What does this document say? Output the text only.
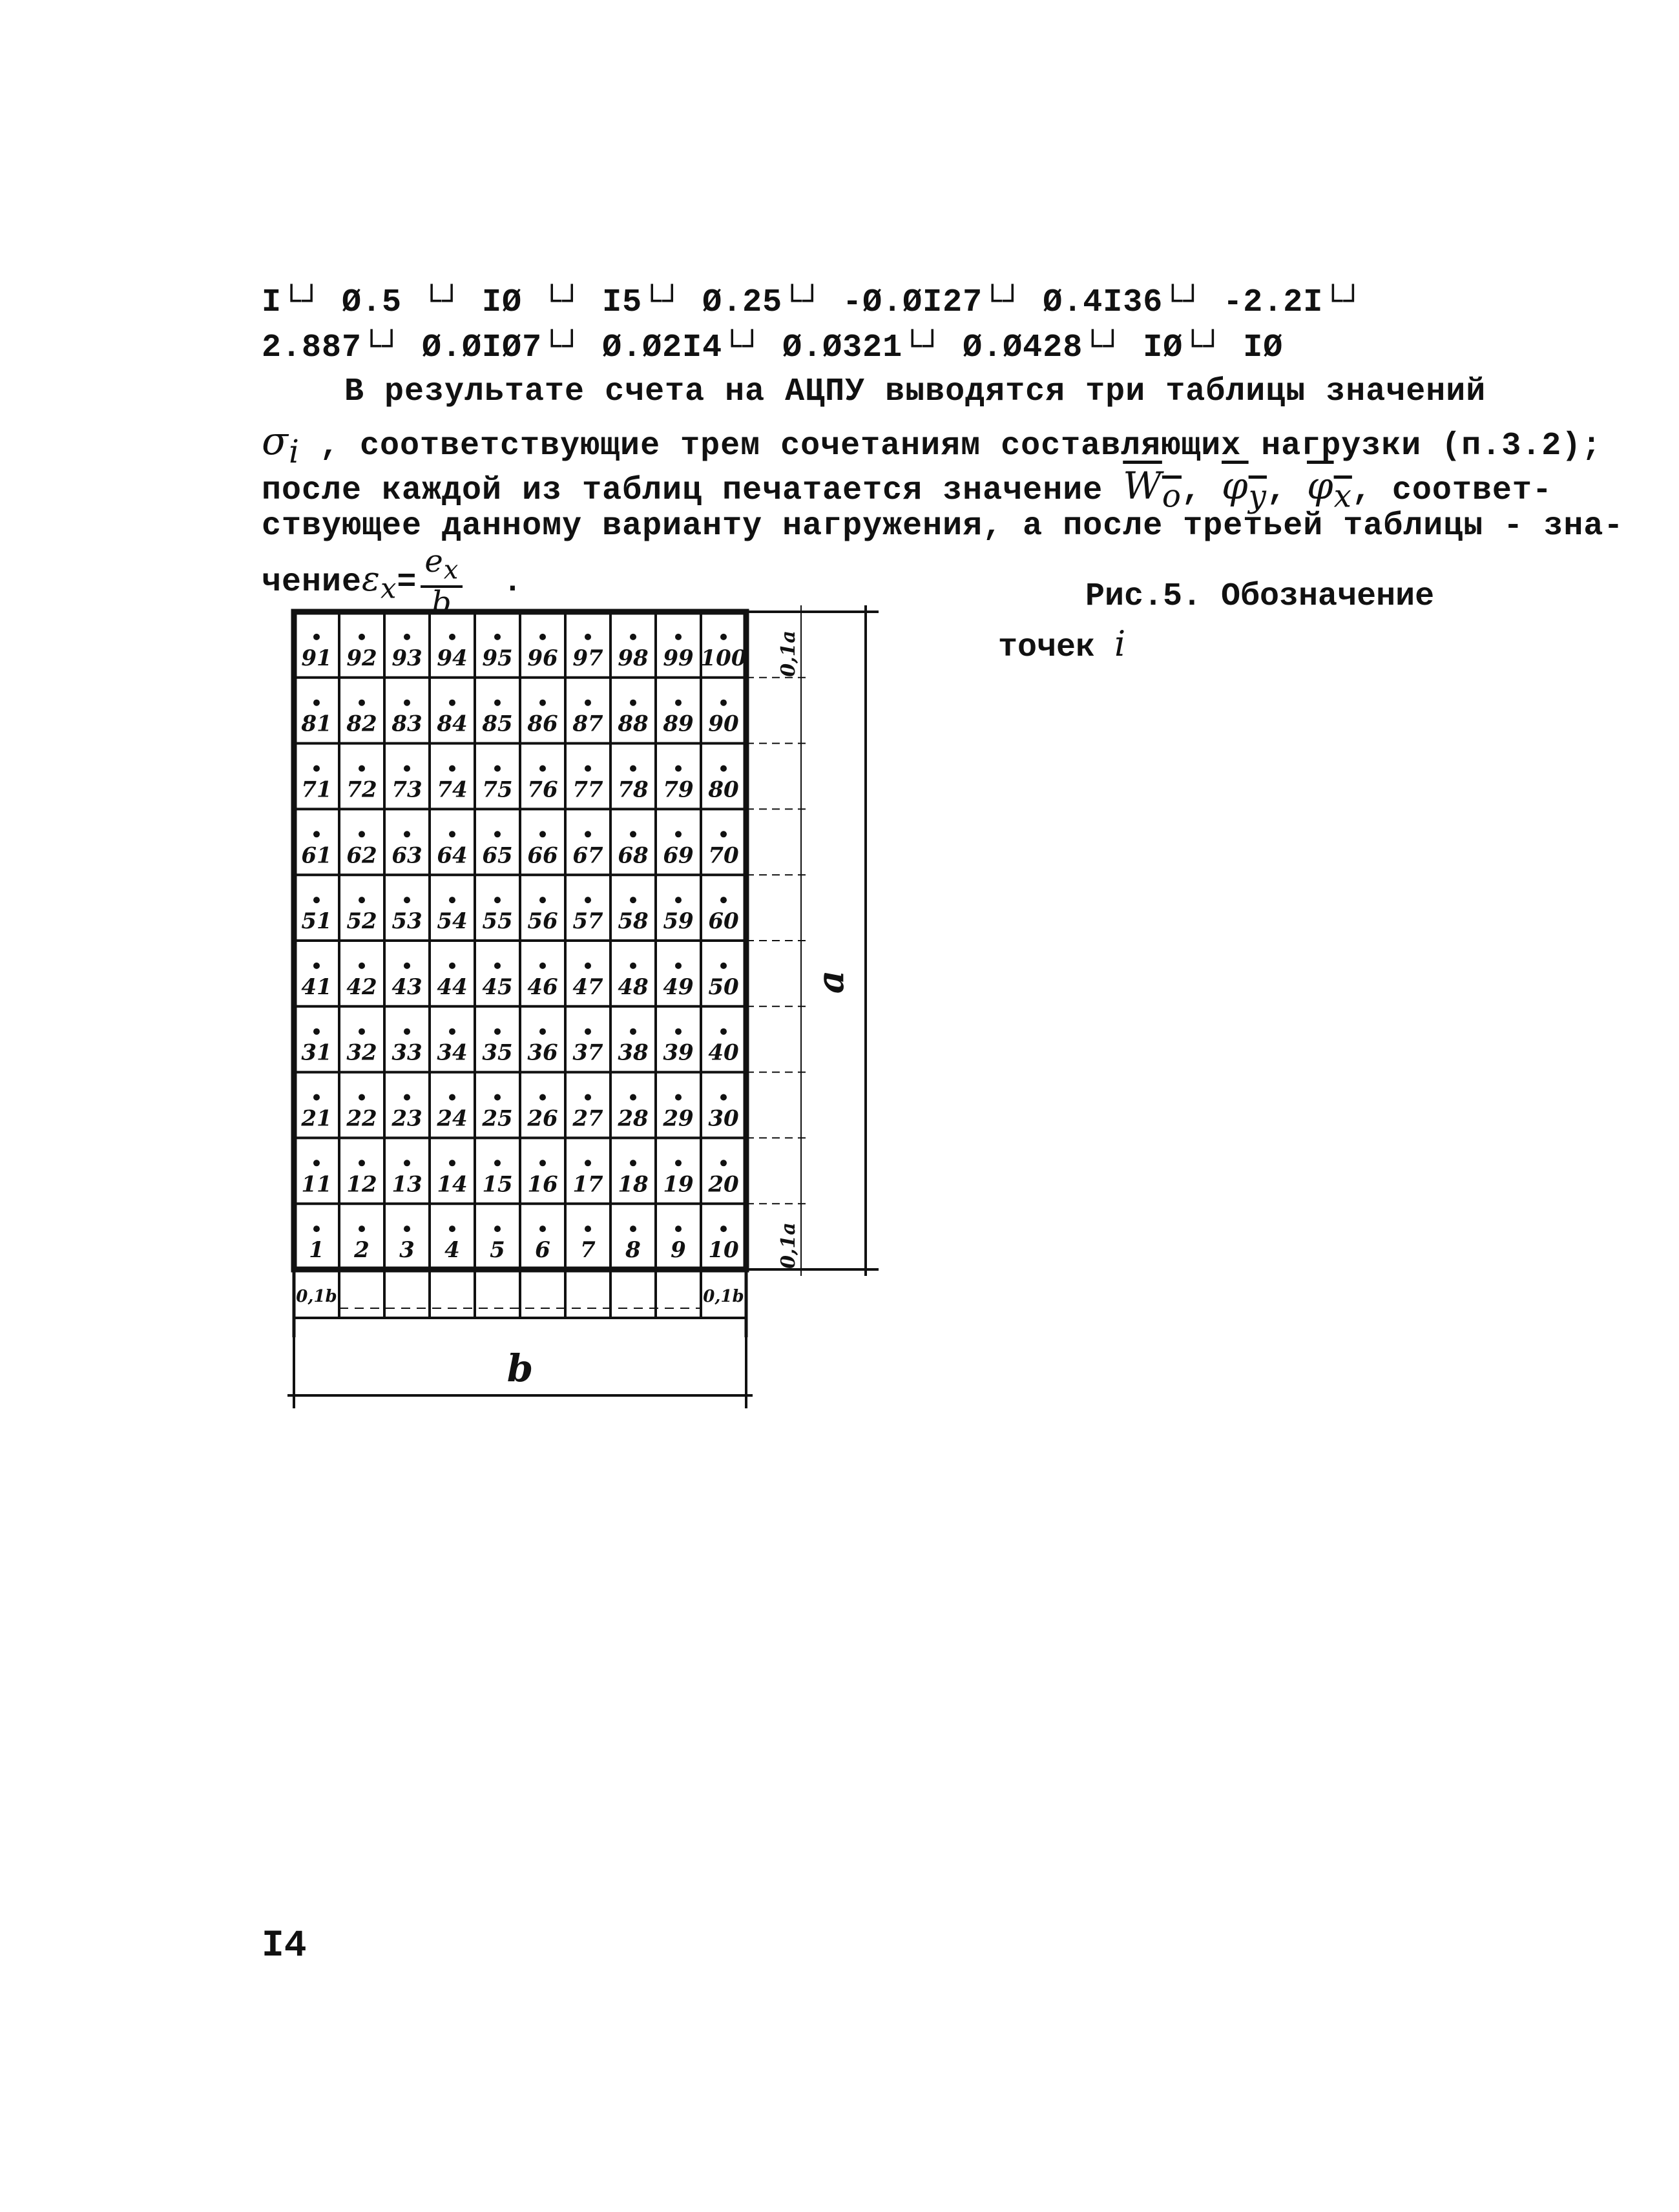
I└┘ Ø.5 └┘ IØ └┘ I5└┘ Ø.25└┘ -Ø.ØI27└┘ Ø.4I36└┘ -2.2I└┘
2.887└┘ Ø.ØIØ7└┘ Ø.Ø2I4└┘ Ø.Ø321└┘ Ø.Ø428└┘ IØ└┘ IØ
В результате счета на АЦПУ выводятся три таблицы значений
$\sigma_i$ , соответствующие трем сочетаниям составляющих нагрузки (п.3.2);
после каждой из таблиц печатается значение $W_o$, $\varphi_y$, $\varphi_x$, соответ-
ствующее данному варианту нагружения, а после третьей таблицы - зна-
чениеε$_x$= $\frac{e_x}{b}$ .	Рис.5. Обозначение
точек i
91 92 93 94 95 96 97 98 99 100
81 82 83 84 85 86 87 88 89 90
71 72 73 74 75 76 77 78 79 80
61 62 63 64 65 66 67 68 69 70
51 52 53 54 55 56 57 58 59 60
41 42 43 44 45 46 47 48 49 50
31 32 33 34 35 36 37 38 39 40
21 22 23 24 25 26 27 28 29 30
11 12 13 14 15 16 17 18 19 20
1 2 3 4 5 6 7 8 9 10
a
0,1a
0,1a
b
0,1b	0,1b
I4
